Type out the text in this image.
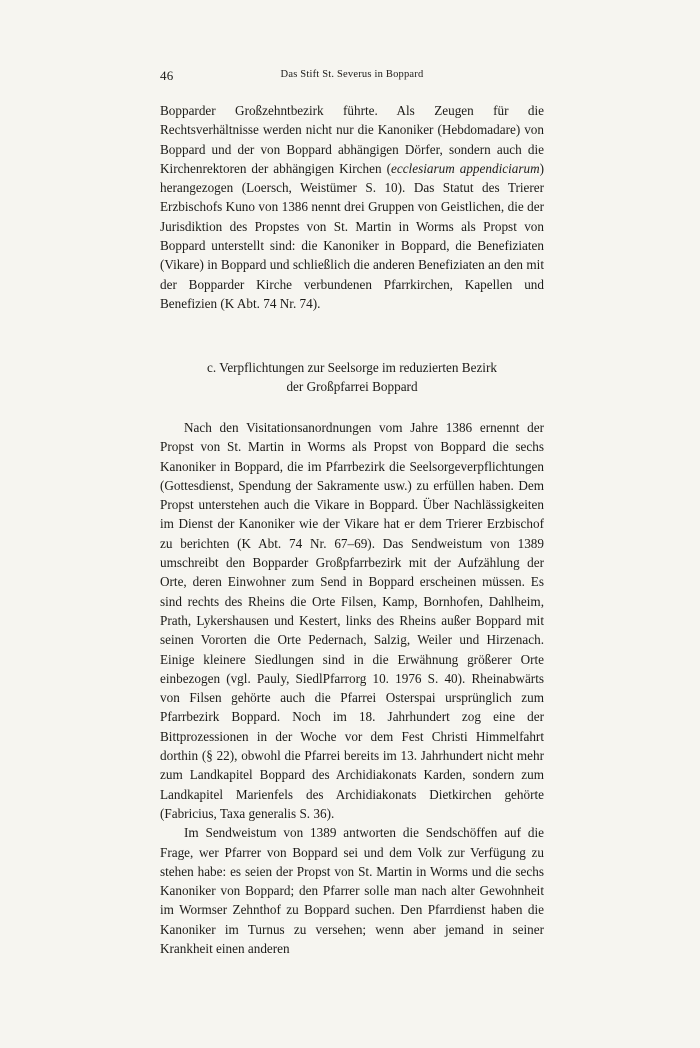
46	Das Stift St. Severus in Boppard

Bopparder Großzehntbezirk führte. Als Zeugen für die Rechtsverhältnisse werden nicht nur die Kanoniker (Hebdomadare) von Boppard und der von Boppard abhängigen Dörfer, sondern auch die Kirchenrektoren der abhängigen Kirchen (ecclesiarum appendiciarum) herangezogen (Loersch, Weistümer S. 10). Das Statut des Trierer Erzbischofs Kuno von 1386 nennt drei Gruppen von Geistlichen, die der Jurisdiktion des Propstes von St. Martin in Worms als Propst von Boppard unterstellt sind: die Kanoniker in Boppard, die Benefiziaten (Vikare) in Boppard und schließlich die anderen Benefiziaten an den mit der Bopparder Kirche verbundenen Pfarrkirchen, Kapellen und Benefizien (K Abt. 74 Nr. 74).

c. Verpflichtungen zur Seelsorge im reduzierten Bezirk
der Großpfarrei Boppard

Nach den Visitationsanordnungen vom Jahre 1386 ernennt der Propst von St. Martin in Worms als Propst von Boppard die sechs Kanoniker in Boppard, die im Pfarrbezirk die Seelsorgeverpflichtungen (Gottesdienst, Spendung der Sakramente usw.) zu erfüllen haben. Dem Propst unterstehen auch die Vikare in Boppard. Über Nachlässigkeiten im Dienst der Kanoniker wie der Vikare hat er dem Trierer Erzbischof zu berichten (K Abt. 74 Nr. 67–69). Das Sendweistum von 1389 umschreibt den Bopparder Großpfarrbezirk mit der Aufzählung der Orte, deren Einwohner zum Send in Boppard erscheinen müssen. Es sind rechts des Rheins die Orte Filsen, Kamp, Bornhofen, Dahlheim, Prath, Lykershausen und Kestert, links des Rheins außer Boppard mit seinen Vororten die Orte Pedernach, Salzig, Weiler und Hirzenach. Einige kleinere Siedlungen sind in die Erwähnung größerer Orte einbezogen (vgl. Pauly, SiedlPfarrorg 10. 1976 S. 40). Rheinabwärts von Filsen gehörte auch die Pfarrei Osterspai ursprünglich zum Pfarrbezirk Boppard. Noch im 18. Jahrhundert zog eine der Bittprozessionen in der Woche vor dem Fest Christi Himmelfahrt dorthin (§ 22), obwohl die Pfarrei bereits im 13. Jahrhundert nicht mehr zum Landkapitel Boppard des Archidiakonats Karden, sondern zum Landkapitel Marienfels des Archidiakonats Dietkirchen gehörte (Fabricius, Taxa generalis S. 36).

Im Sendweistum von 1389 antworten die Sendschöffen auf die Frage, wer Pfarrer von Boppard sei und dem Volk zur Verfügung zu stehen habe: es seien der Propst von St. Martin in Worms und die sechs Kanoniker von Boppard; den Pfarrer solle man nach alter Gewohnheit im Wormser Zehnthof zu Boppard suchen. Den Pfarrdienst haben die Kanoniker im Turnus zu versehen; wenn aber jemand in seiner Krankheit einen anderen
